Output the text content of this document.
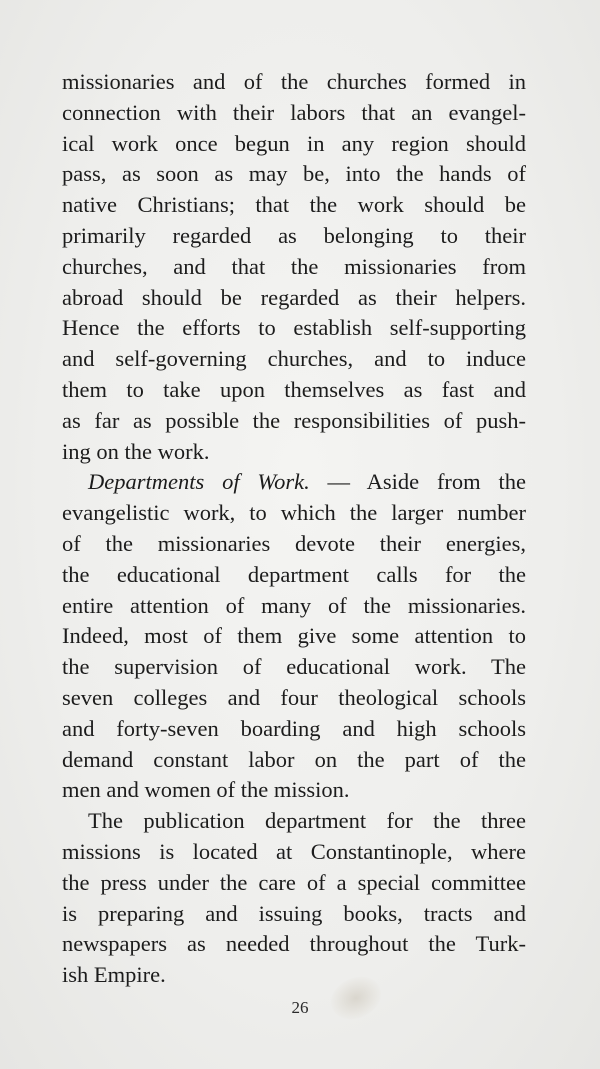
missionaries and of the churches formed in
connection with their labors that an evangel-
ical work once begun in any region should
pass, as soon as may be, into the hands of
native Christians; that the work should be
primarily regarded as belonging to their
churches, and that the missionaries from
abroad should be regarded as their helpers.
Hence the efforts to establish self-supporting
and self-governing churches, and to induce
them to take upon themselves as fast and
as far as possible the responsibilities of push-
ing on the work.
Departments of Work. — Aside from the
evangelistic work, to which the larger number
of the missionaries devote their energies,
the educational department calls for the
entire attention of many of the missionaries.
Indeed, most of them give some attention to
the supervision of educational work. The
seven colleges and four theological schools
and forty-seven boarding and high schools
demand constant labor on the part of the
men and women of the mission.
The publication department for the three
missions is located at Constantinople, where
the press under the care of a special committee
is preparing and issuing books, tracts and
newspapers as needed throughout the Turk-
ish Empire.
26
